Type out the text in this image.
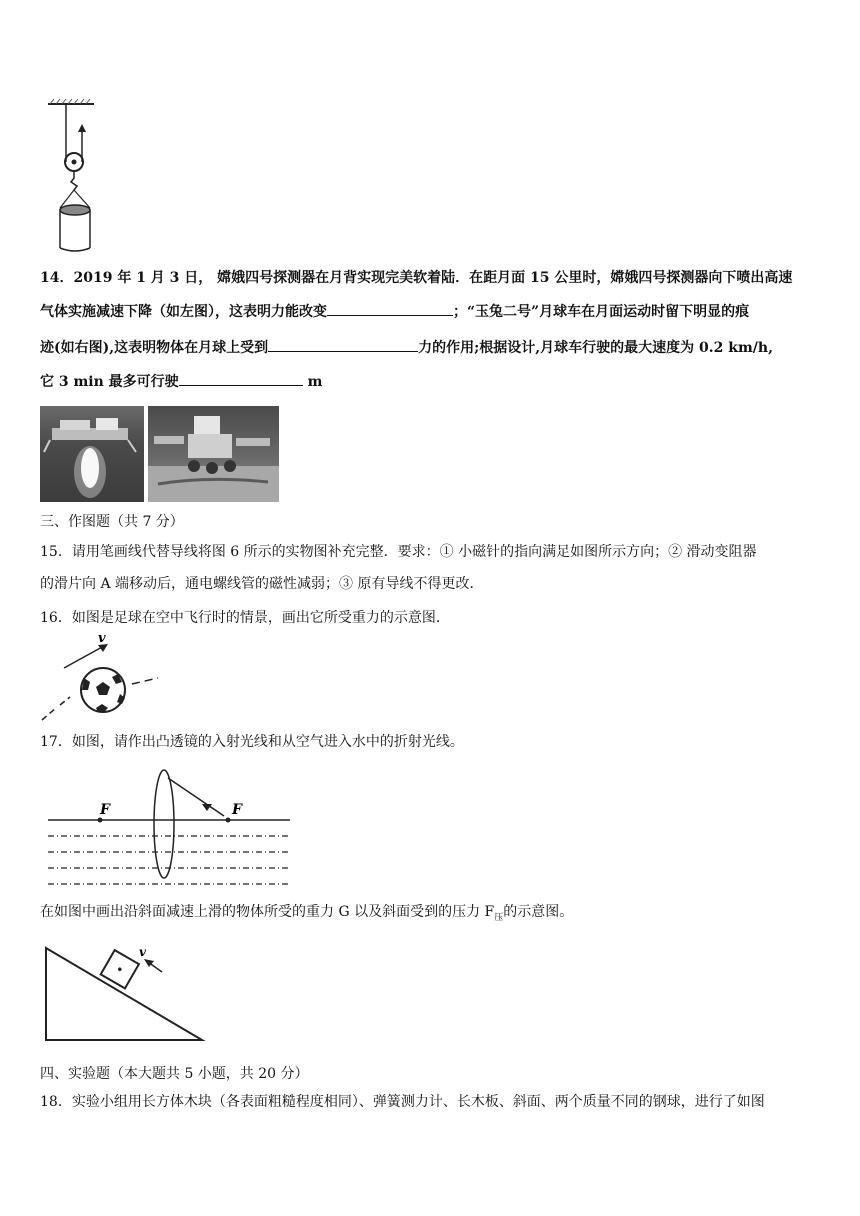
14．2019 年 1 月 3 日， 嫦娥四号探测器在月背实现完美软着陆．在距月面 15 公里时，嫦娥四号探测器向下喷出高速
气体实施减速下降（如左图），这表明力能改变	；“玉兔二号”月球车在月面运动时留下明显的痕
迹(如右图),这表明物体在月球上受到	力的作用;根据设计,月球车行驶的最大速度为 0.2 km/h,
它 3 min 最多可行驶	m
三、作图题（共 7 分）
15．请用笔画线代替导线将图 6 所示的实物图补充完整．要求：① 小磁针的指向满足如图所示方向；② 滑动变阻器
的滑片向 A 端移动后，通电螺线管的磁性减弱；③ 原有导线不得更改．
16．如图是足球在空中飞行时的情景，画出它所受重力的示意图．
v
17．如图，请作出凸透镜的入射光线和从空气进入水中的折射光线。
F	F
在如图中画出沿斜面减速上滑的物体所受的重力 G 以及斜面受到的压力 $F_压$的示意图。
v
四、实验题（本大题共 5 小题，共 20 分）
18．实验小组用长方体木块（各表面粗糙程度相同）、弹簧测力计、长木板、斜面、两个质量不同的钢球，进行了如图
